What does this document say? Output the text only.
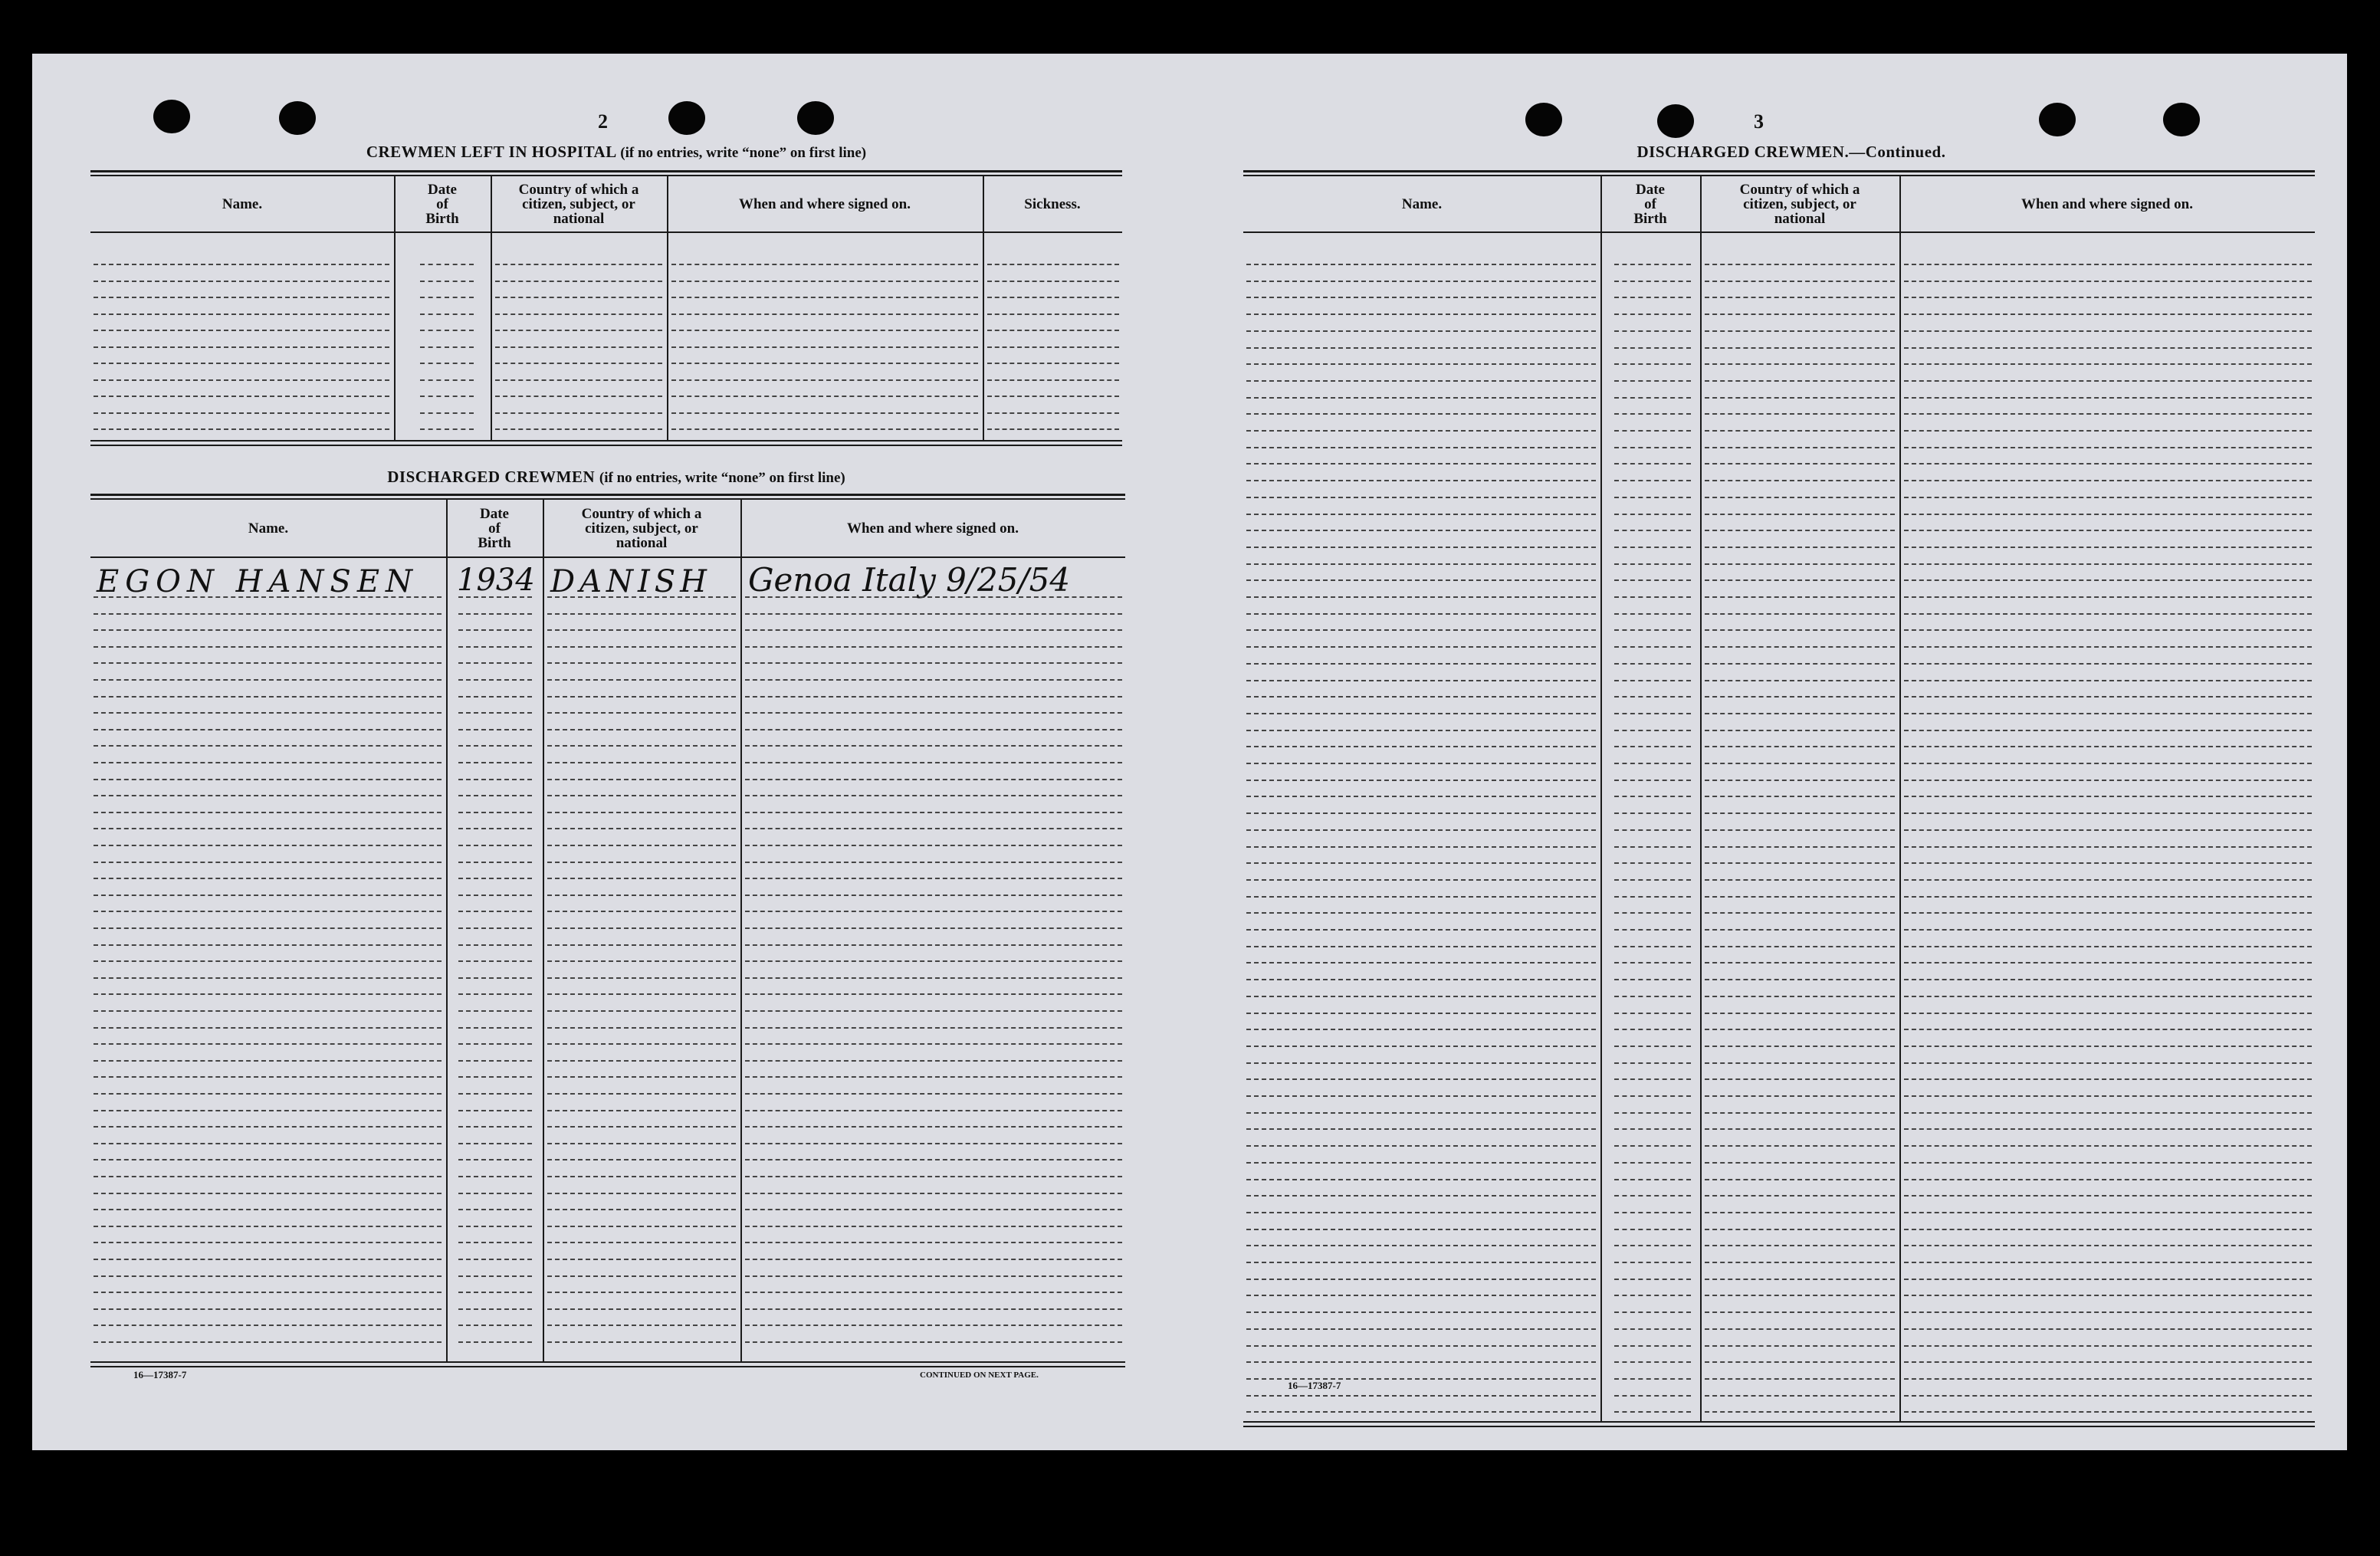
2
CREWMEN LEFT IN HOSPITAL (if no entries, write “none” on first line)
Name.
Date
of
Birth
Country of which a
citizen, subject, or
national
When and where signed on.	Sickness.
DISCHARGED CREWMEN (if no entries, write “none” on first line)
Name.
Date
of
Birth
Country of which a
citizen, subject, or
national
When and where signed on.
EGON HANSEN 1934 DANISH Genoa Italy 9/25/54
16—17387-7	CONTINUED ON NEXT PAGE.
3
DISCHARGED CREWMEN.—Continued.
Name.
Date
of
Birth
Country of which a
citizen, subject, or
national
When and where signed on.
16—17387-7
